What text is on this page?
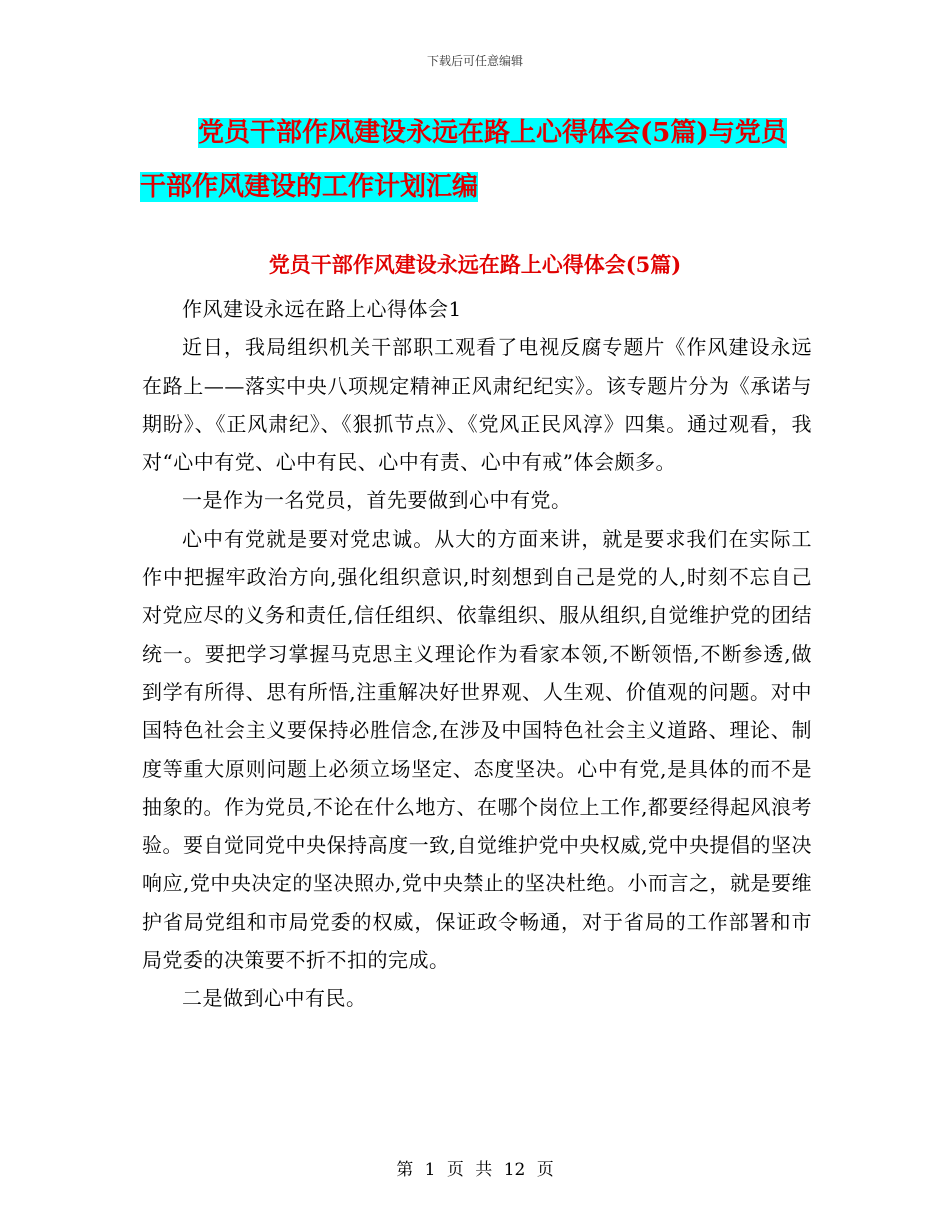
下载后可任意编辑
党员干部作风建设永远在路上心得体会(5篇)与党员
干部作风建设的工作计划汇编
党员干部作风建设永远在路上心得体会(5篇)

作风建设永远在路上心得体会1

近日，我局组织机关干部职工观看了电视反腐专题片《作风建设永远在路上——落实中央八项规定精神正风肃纪纪实》。该专题片分为《承诺与期盼》、《正风肃纪》、《狠抓节点》、《党风正民风淳》四集。通过观看，我对“心中有党、心中有民、心中有责、心中有戒”体会颇多。

一是作为一名党员，首先要做到心中有党。

心中有党就是要对党忠诚。从大的方面来讲，就是要求我们在实际工作中把握牢政治方向,强化组织意识,时刻想到自己是党的人,时刻不忘自己对党应尽的义务和责任,信任组织、依靠组织、服从组织,自觉维护党的团结统一。要把学习掌握马克思主义理论作为看家本领,不断领悟,不断参透,做到学有所得、思有所悟,注重解决好世界观、人生观、价值观的问题。对中国特色社会主义要保持必胜信念,在涉及中国特色社会主义道路、理论、制度等重大原则问题上必须立场坚定、态度坚决。心中有党,是具体的而不是抽象的。作为党员,不论在什么地方、在哪个岗位上工作,都要经得起风浪考验。要自觉同党中央保持高度一致,自觉维护党中央权威,党中央提倡的坚决响应,党中央决定的坚决照办,党中央禁止的坚决杜绝。小而言之，就是要维护省局党组和市局党委的权威，保证政令畅通，对于省局的工作部署和市局党委的决策要不折不扣的完成。

二是做到心中有民。

第 1 页 共 12 页
